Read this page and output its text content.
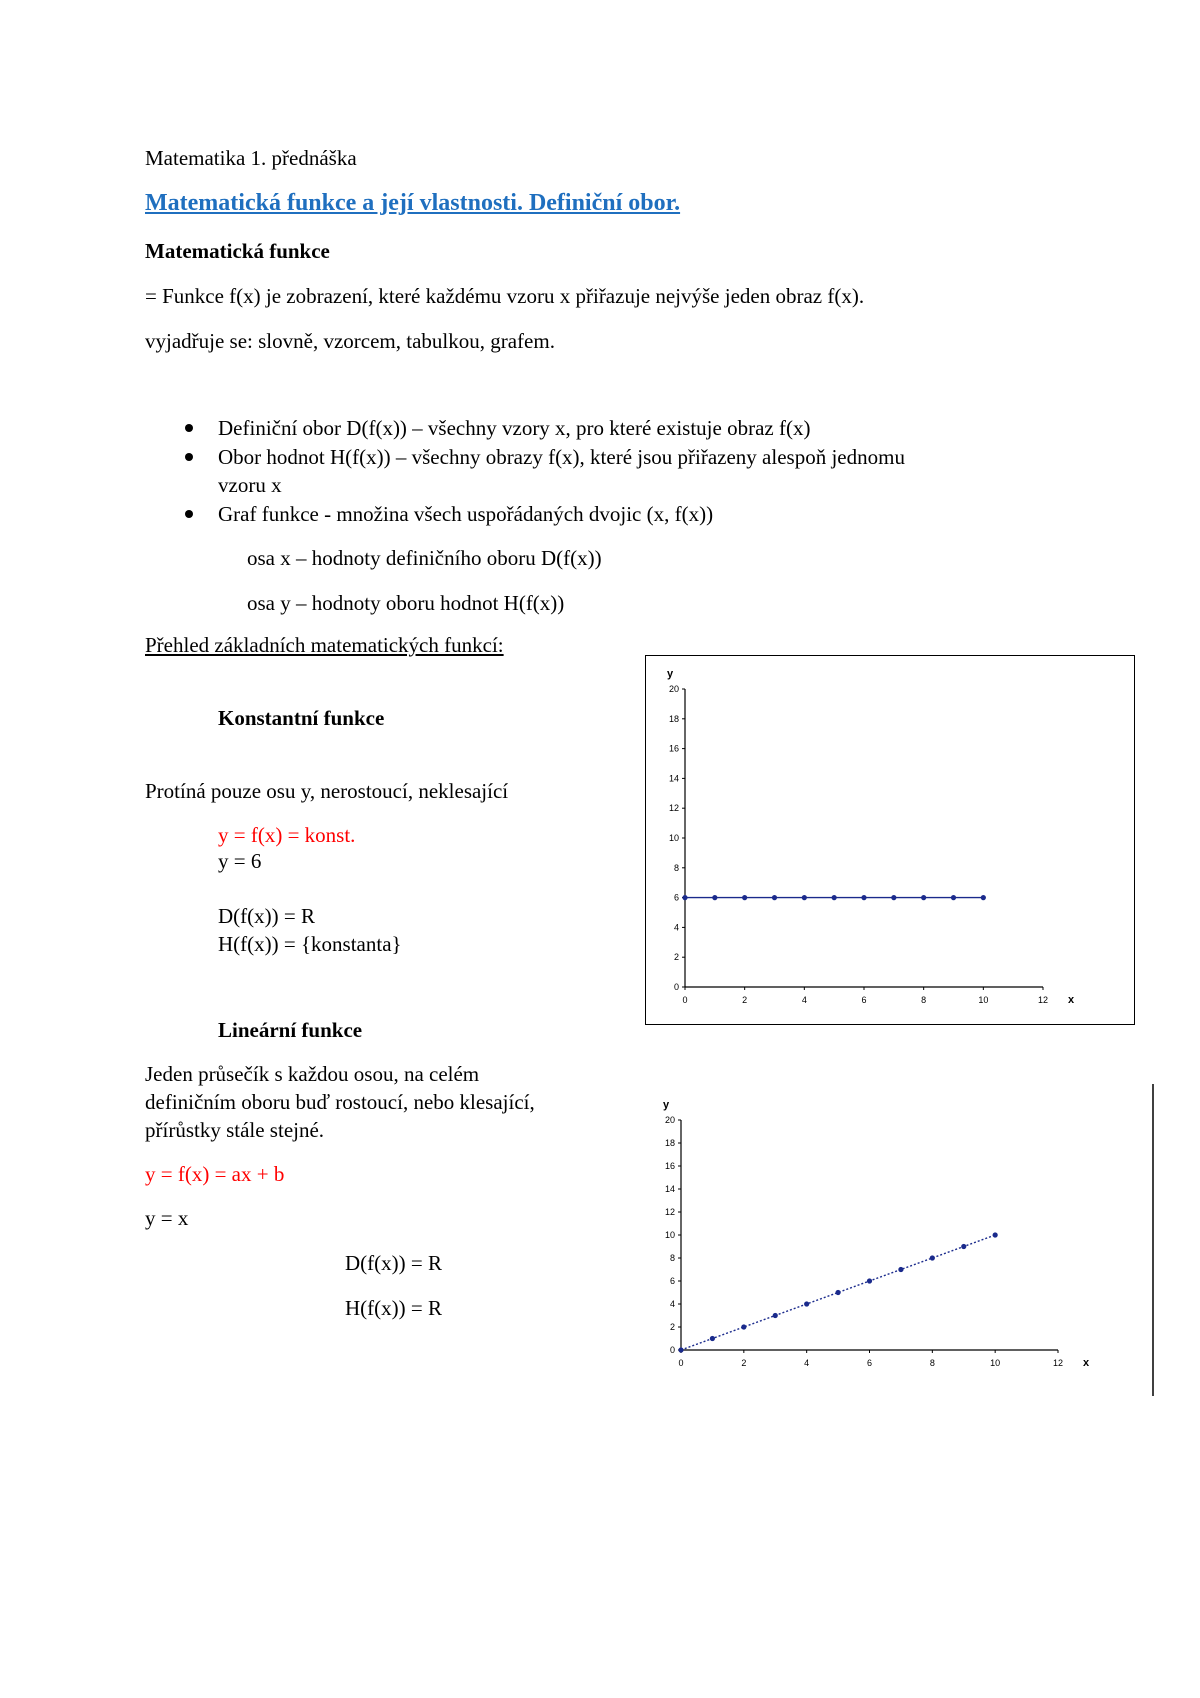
Matematika 1. přednáška
Matematická funkce a její vlastnosti. Definiční obor.
Matematická funkce
= Funkce f(x) je zobrazení, které každému vzoru x přiřazuje nejvýše jeden obraz f(x).
vyjadřuje se: slovně, vzorcem, tabulkou, grafem.
Definiční obor D(f(x)) – všechny vzory x, pro které existuje obraz f(x)
Obor hodnot H(f(x)) – všechny obrazy f(x), které jsou přiřazeny alespoň jednomu
vzoru x
Graf funkce - množina všech uspořádaných dvojic (x, f(x))
osa x – hodnoty definičního oboru D(f(x))
osa y – hodnoty oboru hodnot H(f(x))
Přehled základních matematických funkcí:
Konstantní funkce
Protíná pouze osu y, nerostoucí, neklesající
y = f(x) = konst.
y = 6
D(f(x)) = R
H(f(x)) = {konstanta}
Lineární funkce
Jeden průsečík s každou osou, na celém
definičním oboru buď rostoucí, nebo klesající,
přírůstky stále stejné.
y = f(x) = ax + b
y = x
D(f(x)) = R
H(f(x)) = R
0
2
4
6
8
10
12
14
16
18
20
0	2	4	6	8	10	12 x
y
0
2
4
6
8
10
12
14
16
18
20
0	2	4	6	8	10	12 x
y
